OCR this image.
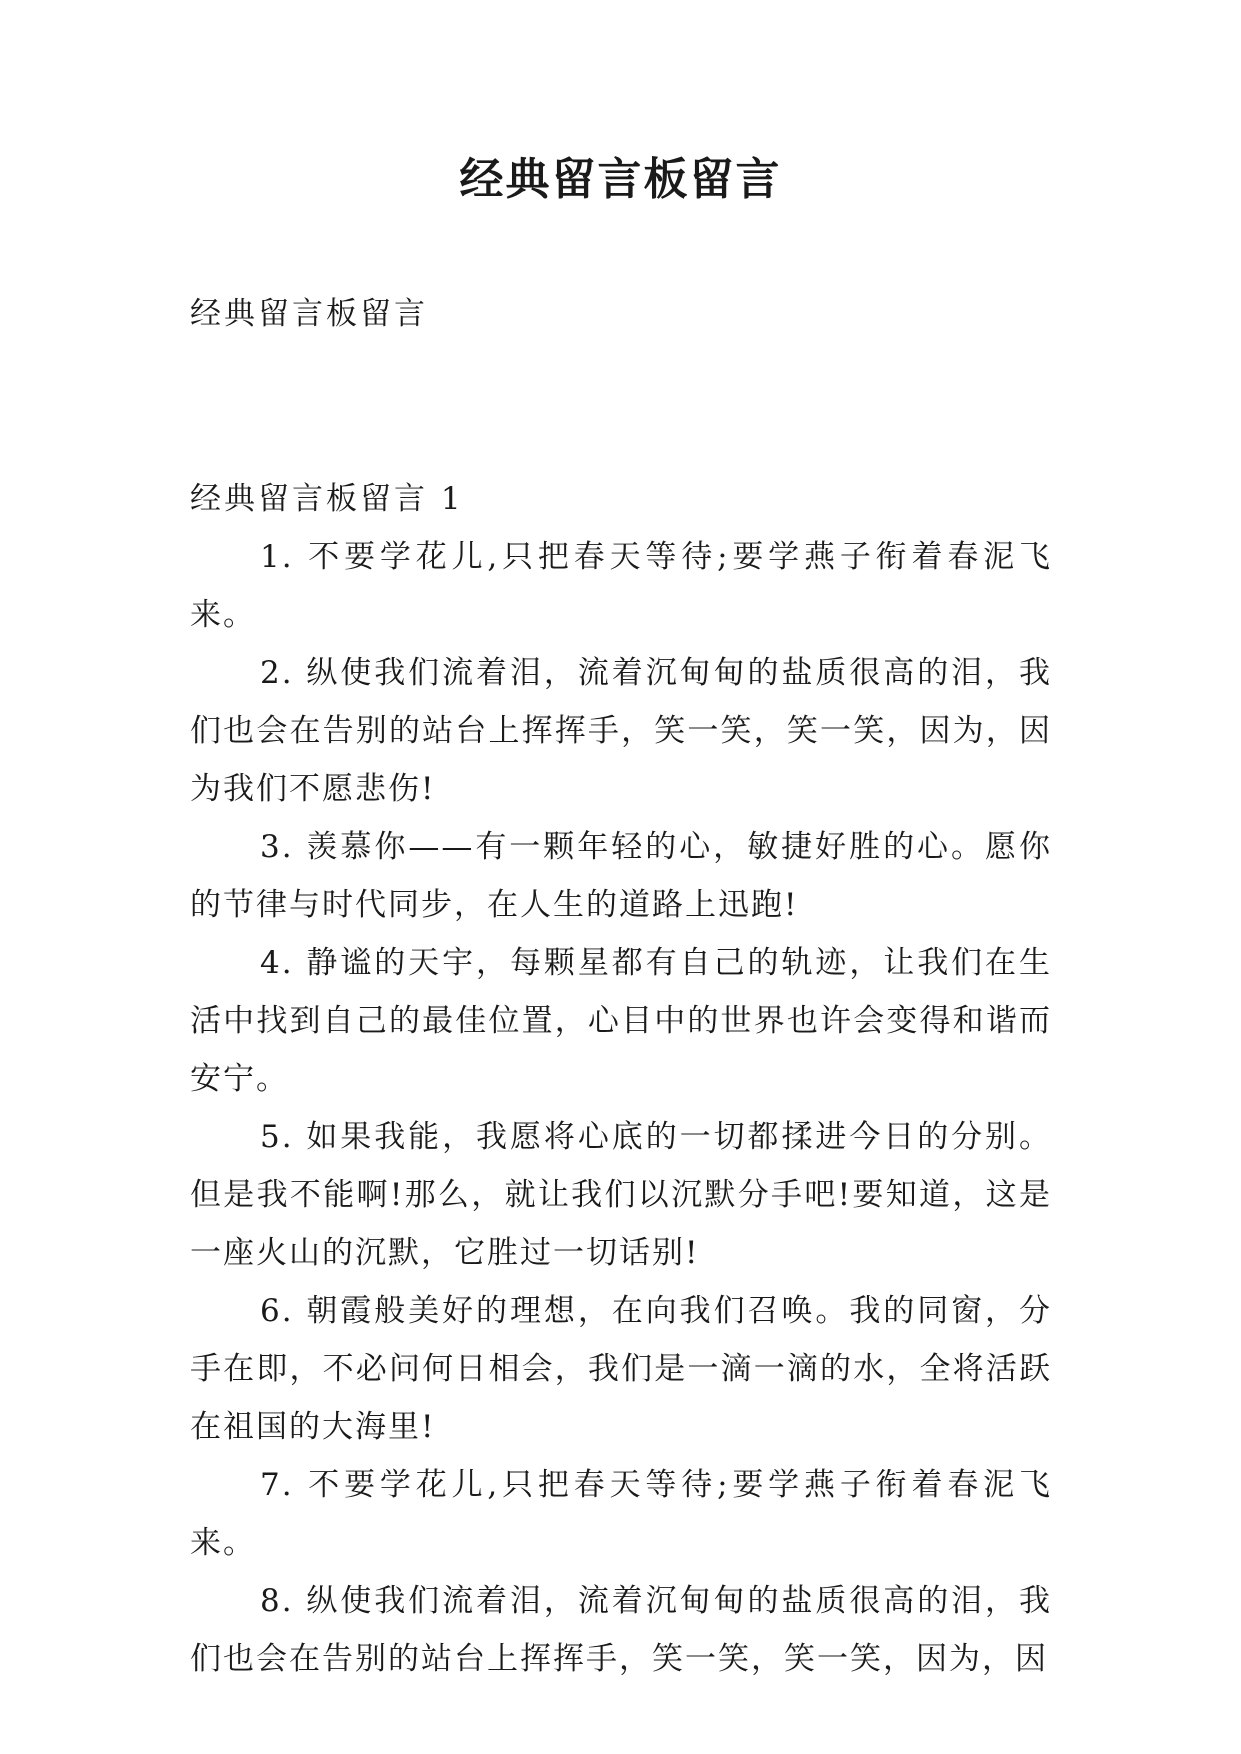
经典留言板留言
经典留言板留言

经典留言板留言 1

1. 不要学花儿,只把春天等待;要学燕子衔着春泥飞来。

2. 纵使我们流着泪，流着沉甸甸的盐质很高的泪，我们也会在告别的站台上挥挥手，笑一笑，笑一笑，因为，因为我们不愿悲伤!

3. 羡慕你——有一颗年轻的心，敏捷好胜的心。愿你的节律与时代同步，在人生的道路上迅跑!

4. 静谧的天宇，每颗星都有自己的轨迹，让我们在生活中找到自己的最佳位置，心目中的世界也许会变得和谐而安宁。

5. 如果我能，我愿将心底的一切都揉进今日的分别。但是我不能啊!那么，就让我们以沉默分手吧!要知道，这是一座火山的沉默，它胜过一切话别!

6. 朝霞般美好的理想，在向我们召唤。我的同窗，分手在即，不必问何日相会，我们是一滴一滴的水，全将活跃在祖国的大海里!

7. 不要学花儿,只把春天等待;要学燕子衔着春泥飞来。

8. 纵使我们流着泪，流着沉甸甸的盐质很高的泪，我们也会在告别的站台上挥挥手，笑一笑，笑一笑，因为，因
